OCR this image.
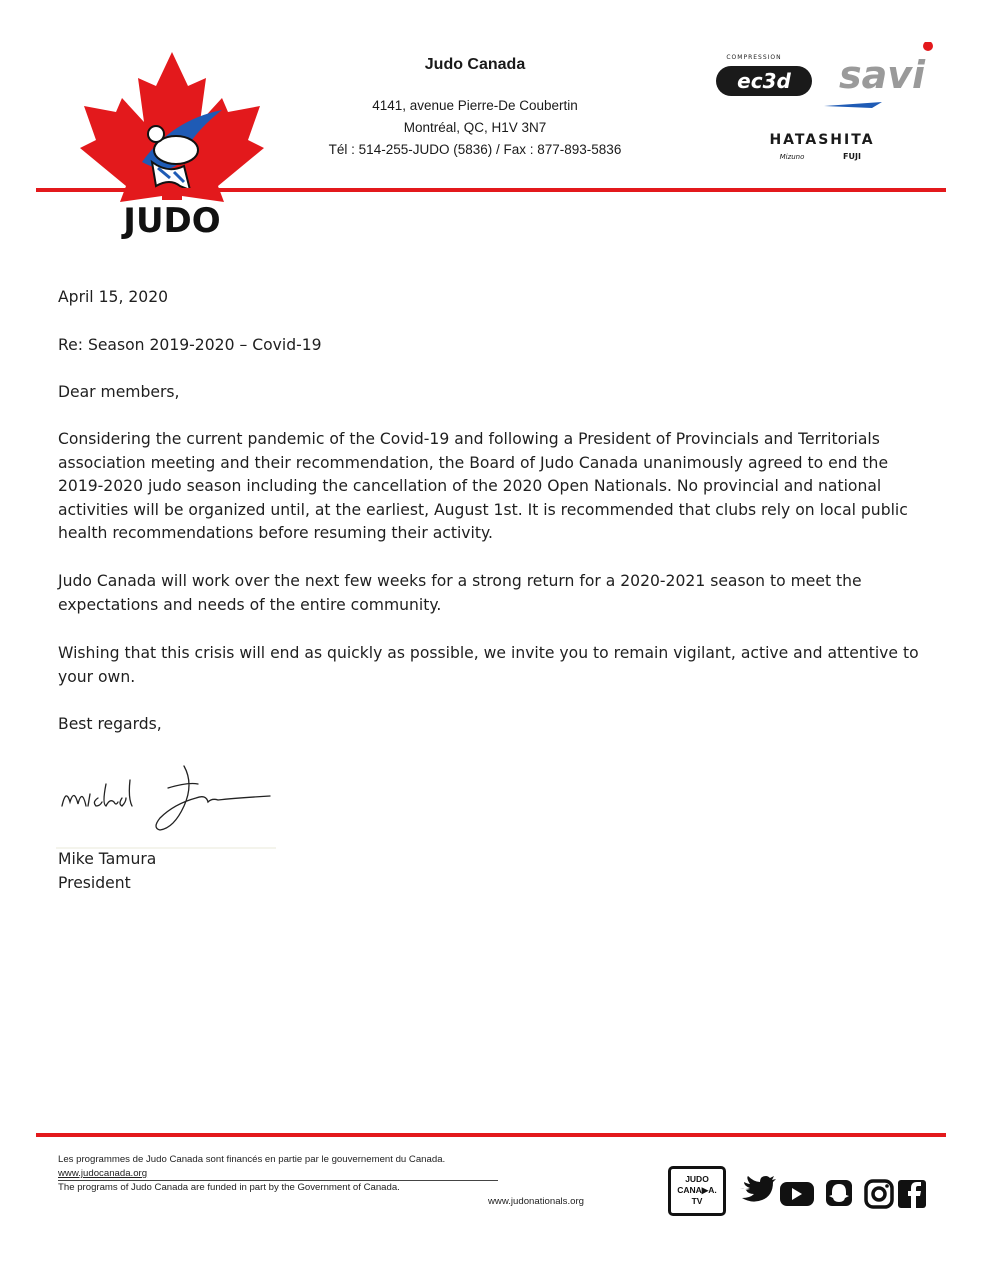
JUDO
Judo Canada
4141, avenue Pierre-De Coubertin
Montréal, QC, H1V 3N7
Tél : 514-255-JUDO (5836) / Fax : 877-893-5836
COMPRESSION
ec3d savi
HATASHITA
Mizuno	FUJI

April 15, 2020

Re: Season 2019-2020 – Covid-19

Dear members,

Considering the current pandemic of the Covid-19 and following a President of Provincials and Territorials association meeting and their recommendation, the Board of Judo Canada unanimously agreed to end the 2019-2020 judo season including the cancellation of the 2020 Open Nationals. No provincial and national activities will be organized until, at the earliest, August 1st. It is recommended that clubs rely on local public health recommendations before resuming their activity.

Judo Canada will work over the next few weeks for a strong return for a 2020-2021 season to meet the expectations and needs of the entire community.

Wishing that this crisis will end as quickly as possible, we invite you to remain vigilant, active and attentive to your own.

Best regards,

Mike Tamura

President

Les programmes de Judo Canada sont financés en partie par le gouvernement du Canada.
www.judocanada.org
The programs of Judo Canada are funded in part by the Government of Canada.
www.judonationals.org
JUDO
CANA▶A.
TV
